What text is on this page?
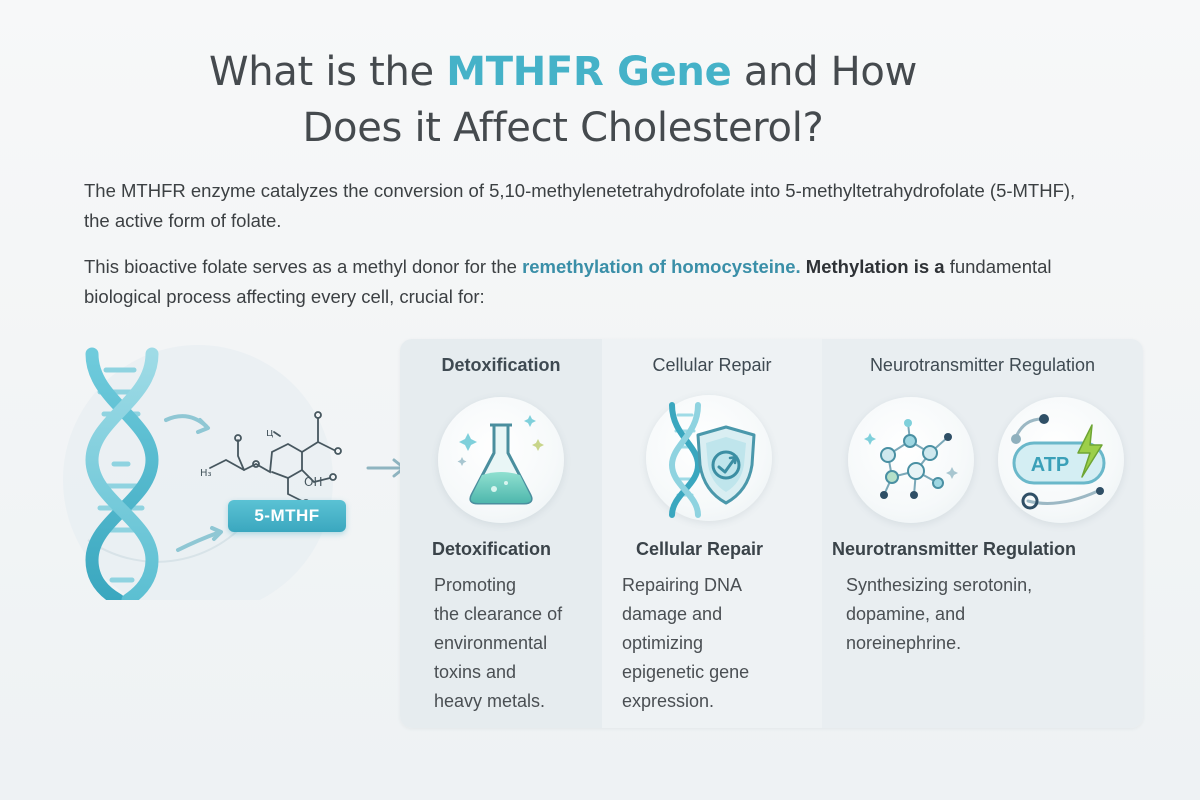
What is the MTHFR Gene and How
Does it Affect Cholesterol?

The MTHFR enzyme catalyzes the conversion of 5,10-methylenetetrahydrofolate into 5-methyltetrahydrofolate (5-MTHF), the active form of folate.

This bioactive folate serves as a methyl donor for the remethylation of homocysteine. Methylation is a fundamental biological process affecting every cell, crucial for:

ц
H₃
OH
5-MTHF
Detoxification
Detoxification
Promoting
the clearance of
environmental
toxins and
heavy metals.
Cellular Repair
Cellular Repair
Repairing DNA
damage and
optimizing
epigenetic gene
expression.
Neurotransmitter Regulation
ATP
Neurotransmitter Regulation
Synthesizing serotonin,
dopamine, and
noreinephrine.
